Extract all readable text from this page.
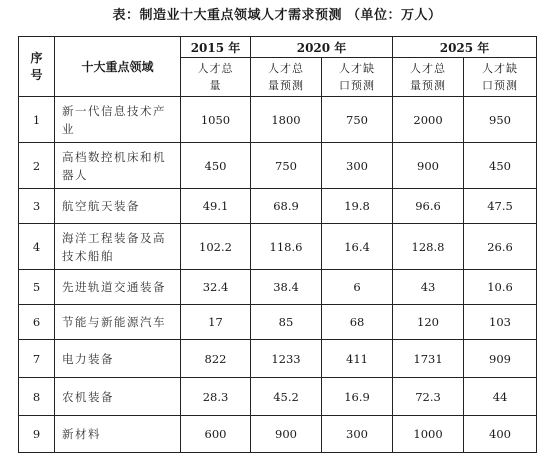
表：制造业十大重点领域人才需求预测 （单位：万人）
序号	十大重点领域	2015 年	2020 年		2025 年	

		人才总量	人才总量预测	人才缺口预测	人才总量预测	人才缺口预测

1	新一代信息技术产业	1050	1800	750	2000	950
2	高档数控机床和机器人	450	750	300	900	450
3	航空航天装备	49.1	68.9	19.8	96.6	47.5
4	海洋工程装备及高技术船舶	102.2	118.6	16.4	128.8	26.6
5	先进轨道交通装备	32.4	38.4	6	43	10.6
6	节能与新能源汽车	17	85	68	120	103
7	电力装备	822	1233	411	1731	909
8	农机装备	28.3	45.2	16.9	72.3	44
9	新材料	600	900	300	1000	400
